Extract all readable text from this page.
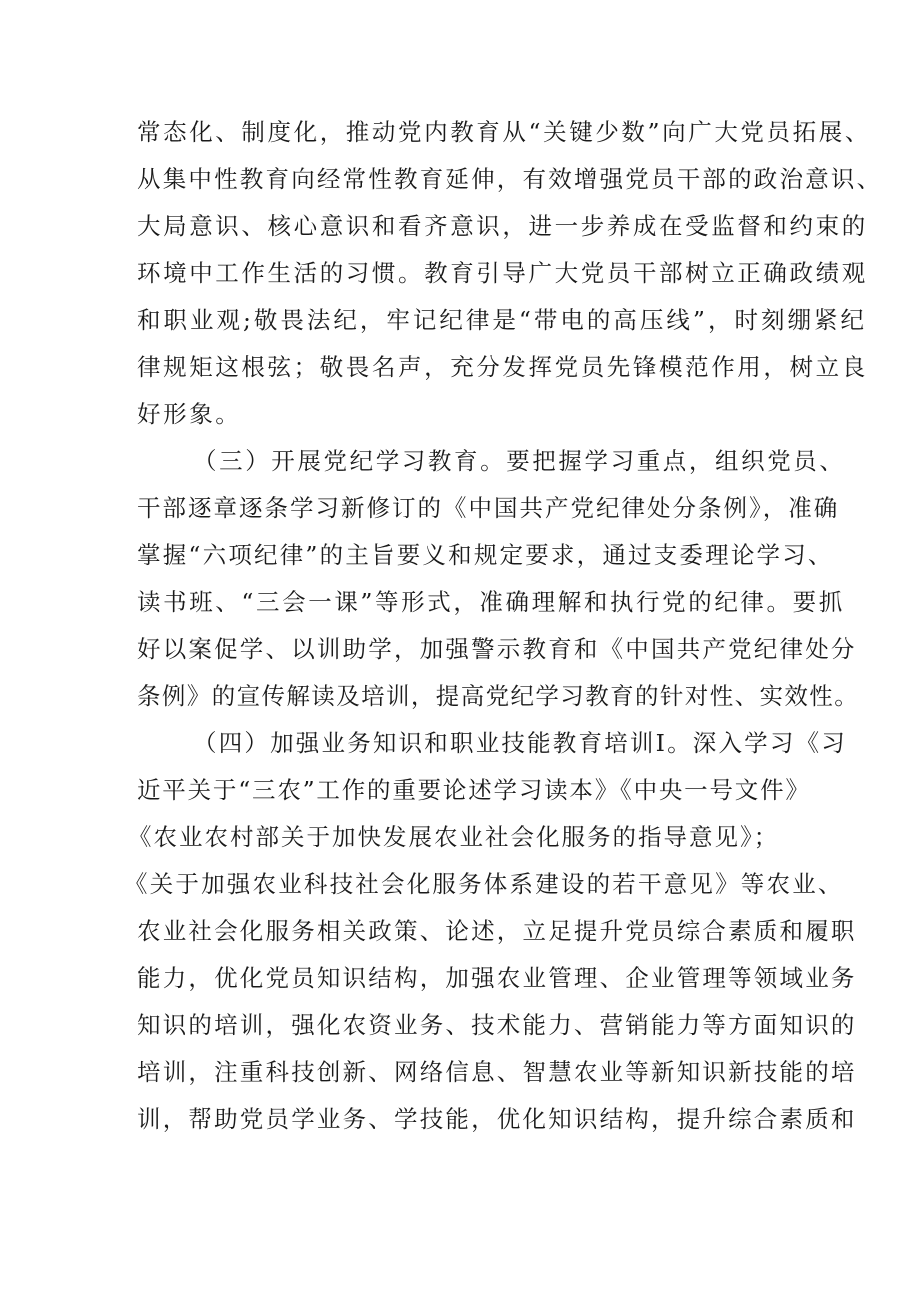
常态化、制度化，推动党内教育从“关键少数”向广大党员拓展、
从集中性教育向经常性教育延伸，有效增强党员干部的政治意识、
大局意识、核心意识和看齐意识，进一步养成在受监督和约束的
环境中工作生活的习惯。教育引导广大党员干部树立正确政绩观
和职业观;敬畏法纪，牢记纪律是“带电的高压线”，时刻绷紧纪
律规矩这根弦；敬畏名声，充分发挥党员先锋模范作用，树立良
好形象。
（三）开展党纪学习教育。要把握学习重点，组织党员、
干部逐章逐条学习新修订的《中国共产党纪律处分条例》，准确
掌握“六项纪律”的主旨要义和规定要求，通过支委理论学习、
读书班、“三会一课”等形式，准确理解和执行党的纪律。要抓
好以案促学、以训助学，加强警示教育和《中国共产党纪律处分
条例》的宣传解读及培训，提高党纪学习教育的针对性、实效性。
（四）加强业务知识和职业技能教育培训I。深入学习《习
近平关于“三农”工作的重要论述学习读本》《中央一号文件》
《农业农村部关于加快发展农业社会化服务的指导意见》；
《关于加强农业科技社会化服务体系建设的若干意见》等农业、
农业社会化服务相关政策、论述，立足提升党员综合素质和履职
能力，优化党员知识结构，加强农业管理、企业管理等领域业务
知识的培训，强化农资业务、技术能力、营销能力等方面知识的
培训，注重科技创新、网络信息、智慧农业等新知识新技能的培
训，帮助党员学业务、学技能，优化知识结构，提升综合素质和
